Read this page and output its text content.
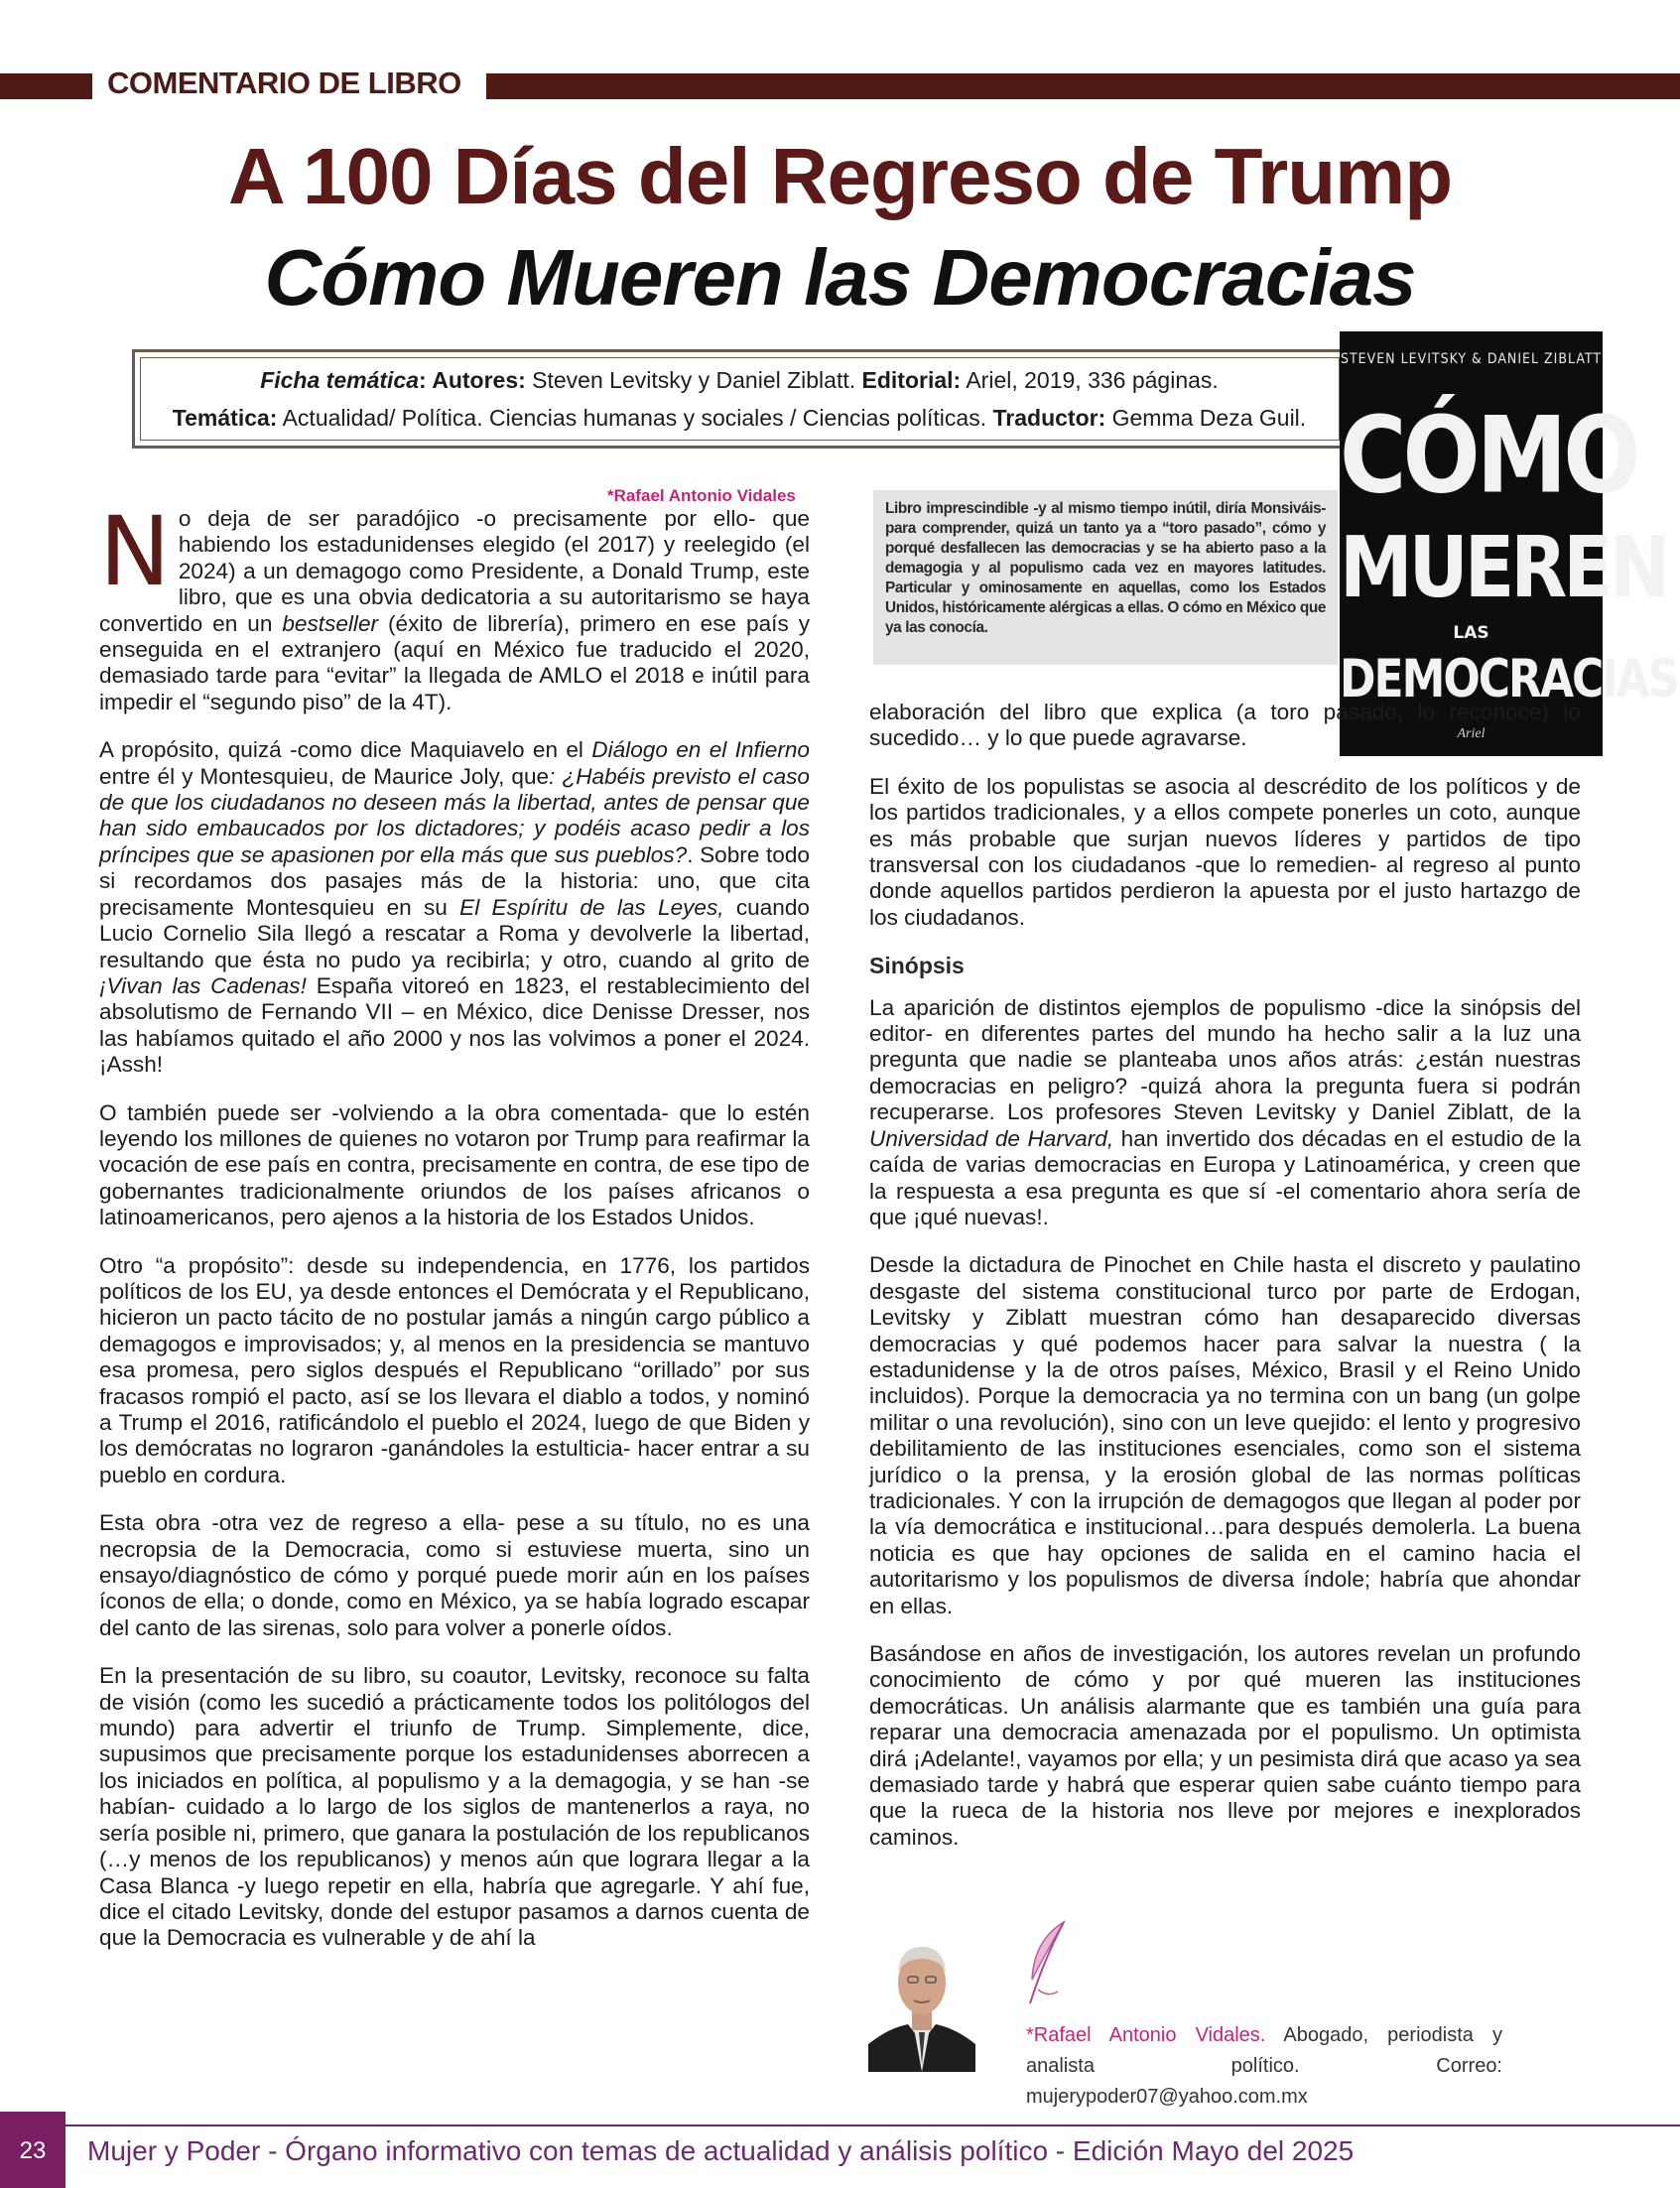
COMENTARIO DE LIBRO
A 100 Días del Regreso de Trump
Cómo Mueren las Democracias
Ficha temática: Autores: Steven Levitsky y Daniel Ziblatt. Editorial: Ariel, 2019, 336 páginas.
Temática: Actualidad/ Política. Ciencias humanas y sociales / Ciencias políticas. Traductor: Gemma Deza Guil.
STEVEN LEVITSKY & DANIEL ZIBLATT
CÓMO
MUEREN
LAS
DEMOCRACIAS
Ariel
*Rafael Antonio Vidales
Libro imprescindible -y al mismo tiempo inútil, diría Monsiváis- para comprender, quizá un tanto ya a “toro pasado”, cómo y porqué desfallecen las democracias y se ha abierto paso a la demagogia y al populismo cada vez en mayores latitudes. Particular y ominosamente en aquellas, como los Estados Unidos, históricamente alérgicas a ellas. O cómo en México que ya las conocía.

No deja de ser paradójico -o precisamente por ello- que habiendo los estadunidenses elegido (el 2017) y reelegido (el 2024) a un demagogo como Presidente, a Donald Trump, este libro, que es una obvia dedicatoria a su autoritarismo se haya convertido en un bestseller (éxito de librería), primero en ese país y enseguida en el extranjero (aquí en México fue traducido el 2020, demasiado tarde para “evitar” la llegada de AMLO el 2018 e inútil para impedir el “segundo piso” de la 4T).

A propósito, quizá -como dice Maquiavelo en el Diálogo en el Infierno entre él y Montesquieu, de Maurice Joly, que: ¿Habéis previsto el caso de que los ciudadanos no deseen más la libertad, antes de pensar que han sido embaucados por los dictadores; y podéis acaso pedir a los príncipes que se apasionen por ella más que sus pueblos?. Sobre todo si recordamos dos pasajes más de la historia: uno, que cita precisamente Montesquieu en su El Espíritu de las Leyes, cuando Lucio Cornelio Sila llegó a rescatar a Roma y devolverle la libertad, resultando que ésta no pudo ya recibirla; y otro, cuando al grito de ¡Vivan las Cadenas! España vitoreó en 1823, el restablecimiento del absolutismo de Fernando VII – en México, dice Denisse Dresser, nos las habíamos quitado el año 2000 y nos las volvimos a poner el 2024. ¡Assh!

O también puede ser -volviendo a la obra comentada- que lo estén leyendo los millones de quienes no votaron por Trump para reafirmar la vocación de ese país en contra, precisamente en contra, de ese tipo de gobernantes tradicionalmente oriundos de los países africanos o latinoamericanos, pero ajenos a la historia de los Estados Unidos.

Otro “a propósito”: desde su independencia, en 1776, los partidos políticos de los EU, ya desde entonces el Demócrata y el Republicano, hicieron un pacto tácito de no postular jamás a ningún cargo público a demagogos e improvisados; y, al menos en la presidencia se mantuvo esa promesa, pero siglos después el Republicano “orillado” por sus fracasos rompió el pacto, así se los llevara el diablo a todos, y nominó a Trump el 2016, ratificándolo el pueblo el 2024, luego de que Biden y los demócratas no lograron -ganándoles la estulticia- hacer entrar a su pueblo en cordura.

Esta obra -otra vez de regreso a ella- pese a su título, no es una necropsia de la Democracia, como si estuviese muerta, sino un ensayo/diagnóstico de cómo y porqué puede morir aún en los países íconos de ella; o donde, como en México, ya se había logrado escapar del canto de las sirenas, solo para volver a ponerle oídos.

En la presentación de su libro, su coautor, Levitsky, reconoce su falta de visión (como les sucedió a prácticamente todos los politólogos del mundo) para advertir el triunfo de Trump. Simplemente, dice, supusimos que precisamente porque los estadunidenses aborrecen a los iniciados en política, al populismo y a la demagogia, y se han -se habían- cuidado a lo largo de los siglos de mantenerlos a raya, no sería posible ni, primero, que ganara la postulación de los republicanos (…y menos de los republicanos) y menos aún que lograra llegar a la Casa Blanca -y luego repetir en ella, habría que agregarle. Y ahí fue, dice el citado Levitsky, donde del estupor pasamos a darnos cuenta de que la Democracia es vulnerable y de ahí la

elaboración del libro que explica (a toro pasado, lo reconoce) lo sucedido… y lo que puede agravarse.

El éxito de los populistas se asocia al descrédito de los políticos y de los partidos tradicionales, y a ellos compete ponerles un coto, aunque es más probable que surjan nuevos líderes y partidos de tipo transversal con los ciudadanos -que lo remedien- al regreso al punto donde aquellos partidos perdieron la apuesta por el justo hartazgo de los ciudadanos.

Sinópsis

La aparición de distintos ejemplos de populismo -dice la sinópsis del editor- en diferentes partes del mundo ha hecho salir a la luz una pregunta que nadie se planteaba unos años atrás: ¿están nuestras democracias en peligro? -quizá ahora la pregunta fuera si podrán recuperarse. Los profesores Steven Levitsky y Daniel Ziblatt, de la Universidad de Harvard, han invertido dos décadas en el estudio de la caída de varias democracias en Europa y Latinoamérica, y creen que la respuesta a esa pregunta es que sí -el comentario ahora sería de que ¡qué nuevas!.

Desde la dictadura de Pinochet en Chile hasta el discreto y paulatino desgaste del sistema constitucional turco por parte de Erdogan, Levitsky y Ziblatt muestran cómo han desaparecido diversas democracias y qué podemos hacer para salvar la nuestra ( la estadunidense y la de otros países, México, Brasil y el Reino Unido incluidos). Porque la democracia ya no termina con un bang (un golpe militar o una revolución), sino con un leve quejido: el lento y progresivo debilitamiento de las instituciones esenciales, como son el sistema jurídico o la prensa, y la erosión global de las normas políticas tradicionales. Y con la irrupción de demagogos que llegan al poder por la vía democrática e institucional…para después demolerla. La buena noticia es que hay opciones de salida en el camino hacia el autoritarismo y los populismos de diversa índole; habría que ahondar en ellas.

Basándose en años de investigación, los autores revelan un profundo conocimiento de cómo y por qué mueren las instituciones democráticas. Un análisis alarmante que es también una guía para reparar una democracia amenazada por el populismo. Un optimista dirá ¡Adelante!, vayamos por ella; y un pesimista dirá que acaso ya sea demasiado tarde y habrá que esperar quien sabe cuánto tiempo para que la rueca de la historia nos lleve por mejores e inexplorados caminos.

*Rafael Antonio Vidales. Abogado, periodista y analista político. Correo: mujerypoder07@yahoo.com.mx
23	Mujer y Poder - Órgano informativo con temas de actualidad y análisis político - Edición Mayo del 2025
